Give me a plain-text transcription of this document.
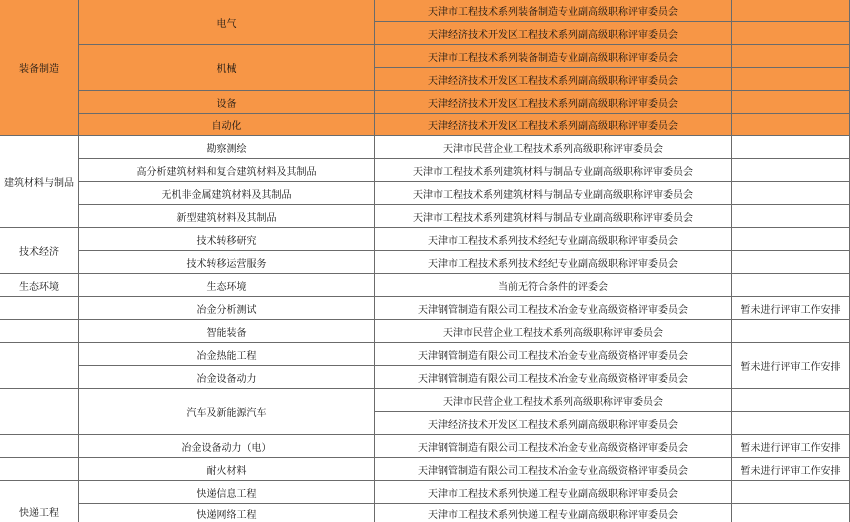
装备制造
建筑材料与制品
技术经济
生态环境
快递工程
电气
机械
设备
自动化
勘察测绘
高分析建筑材料和复合建筑材料及其制品
无机非金属建筑材料及其制品
新型建筑材料及其制品
技术转移研究
技术转移运营服务
生态环境
冶金分析测试
智能装备
冶金热能工程
冶金设备动力
汽车及新能源汽车
冶金设备动力（电）
耐火材料
快递信息工程
快递网络工程
天津市工程技术系列装备制造专业副高级职称评审委员会
天津经济技术开发区工程技术系列副高级职称评审委员会
天津市工程技术系列装备制造专业副高级职称评审委员会
天津经济技术开发区工程技术系列副高级职称评审委员会
天津经济技术开发区工程技术系列副高级职称评审委员会
天津经济技术开发区工程技术系列副高级职称评审委员会
天津市民营企业工程技术系列高级职称评审委员会
天津市工程技术系列建筑材料与制品专业副高级职称评审委员会
天津市工程技术系列建筑材料与制品专业副高级职称评审委员会
天津市工程技术系列建筑材料与制品专业副高级职称评审委员会
天津市工程技术系列技术经纪专业副高级职称评审委员会
天津市工程技术系列技术经纪专业副高级职称评审委员会
当前无符合条件的评委会
天津钢管制造有限公司工程技术冶金专业高级资格评审委员会
天津市民营企业工程技术系列高级职称评审委员会
天津钢管制造有限公司工程技术冶金专业高级资格评审委员会
天津钢管制造有限公司工程技术冶金专业高级资格评审委员会
天津市民营企业工程技术系列高级职称评审委员会
天津经济技术开发区工程技术系列副高级职称评审委员会
天津钢管制造有限公司工程技术冶金专业高级资格评审委员会
天津钢管制造有限公司工程技术冶金专业高级资格评审委员会
天津市工程技术系列快递工程专业副高级职称评审委员会
天津市工程技术系列快递工程专业副高级职称评审委员会
暂未进行评审工作安排
暂未进行评审工作安排
暂未进行评审工作安排
暂未进行评审工作安排
